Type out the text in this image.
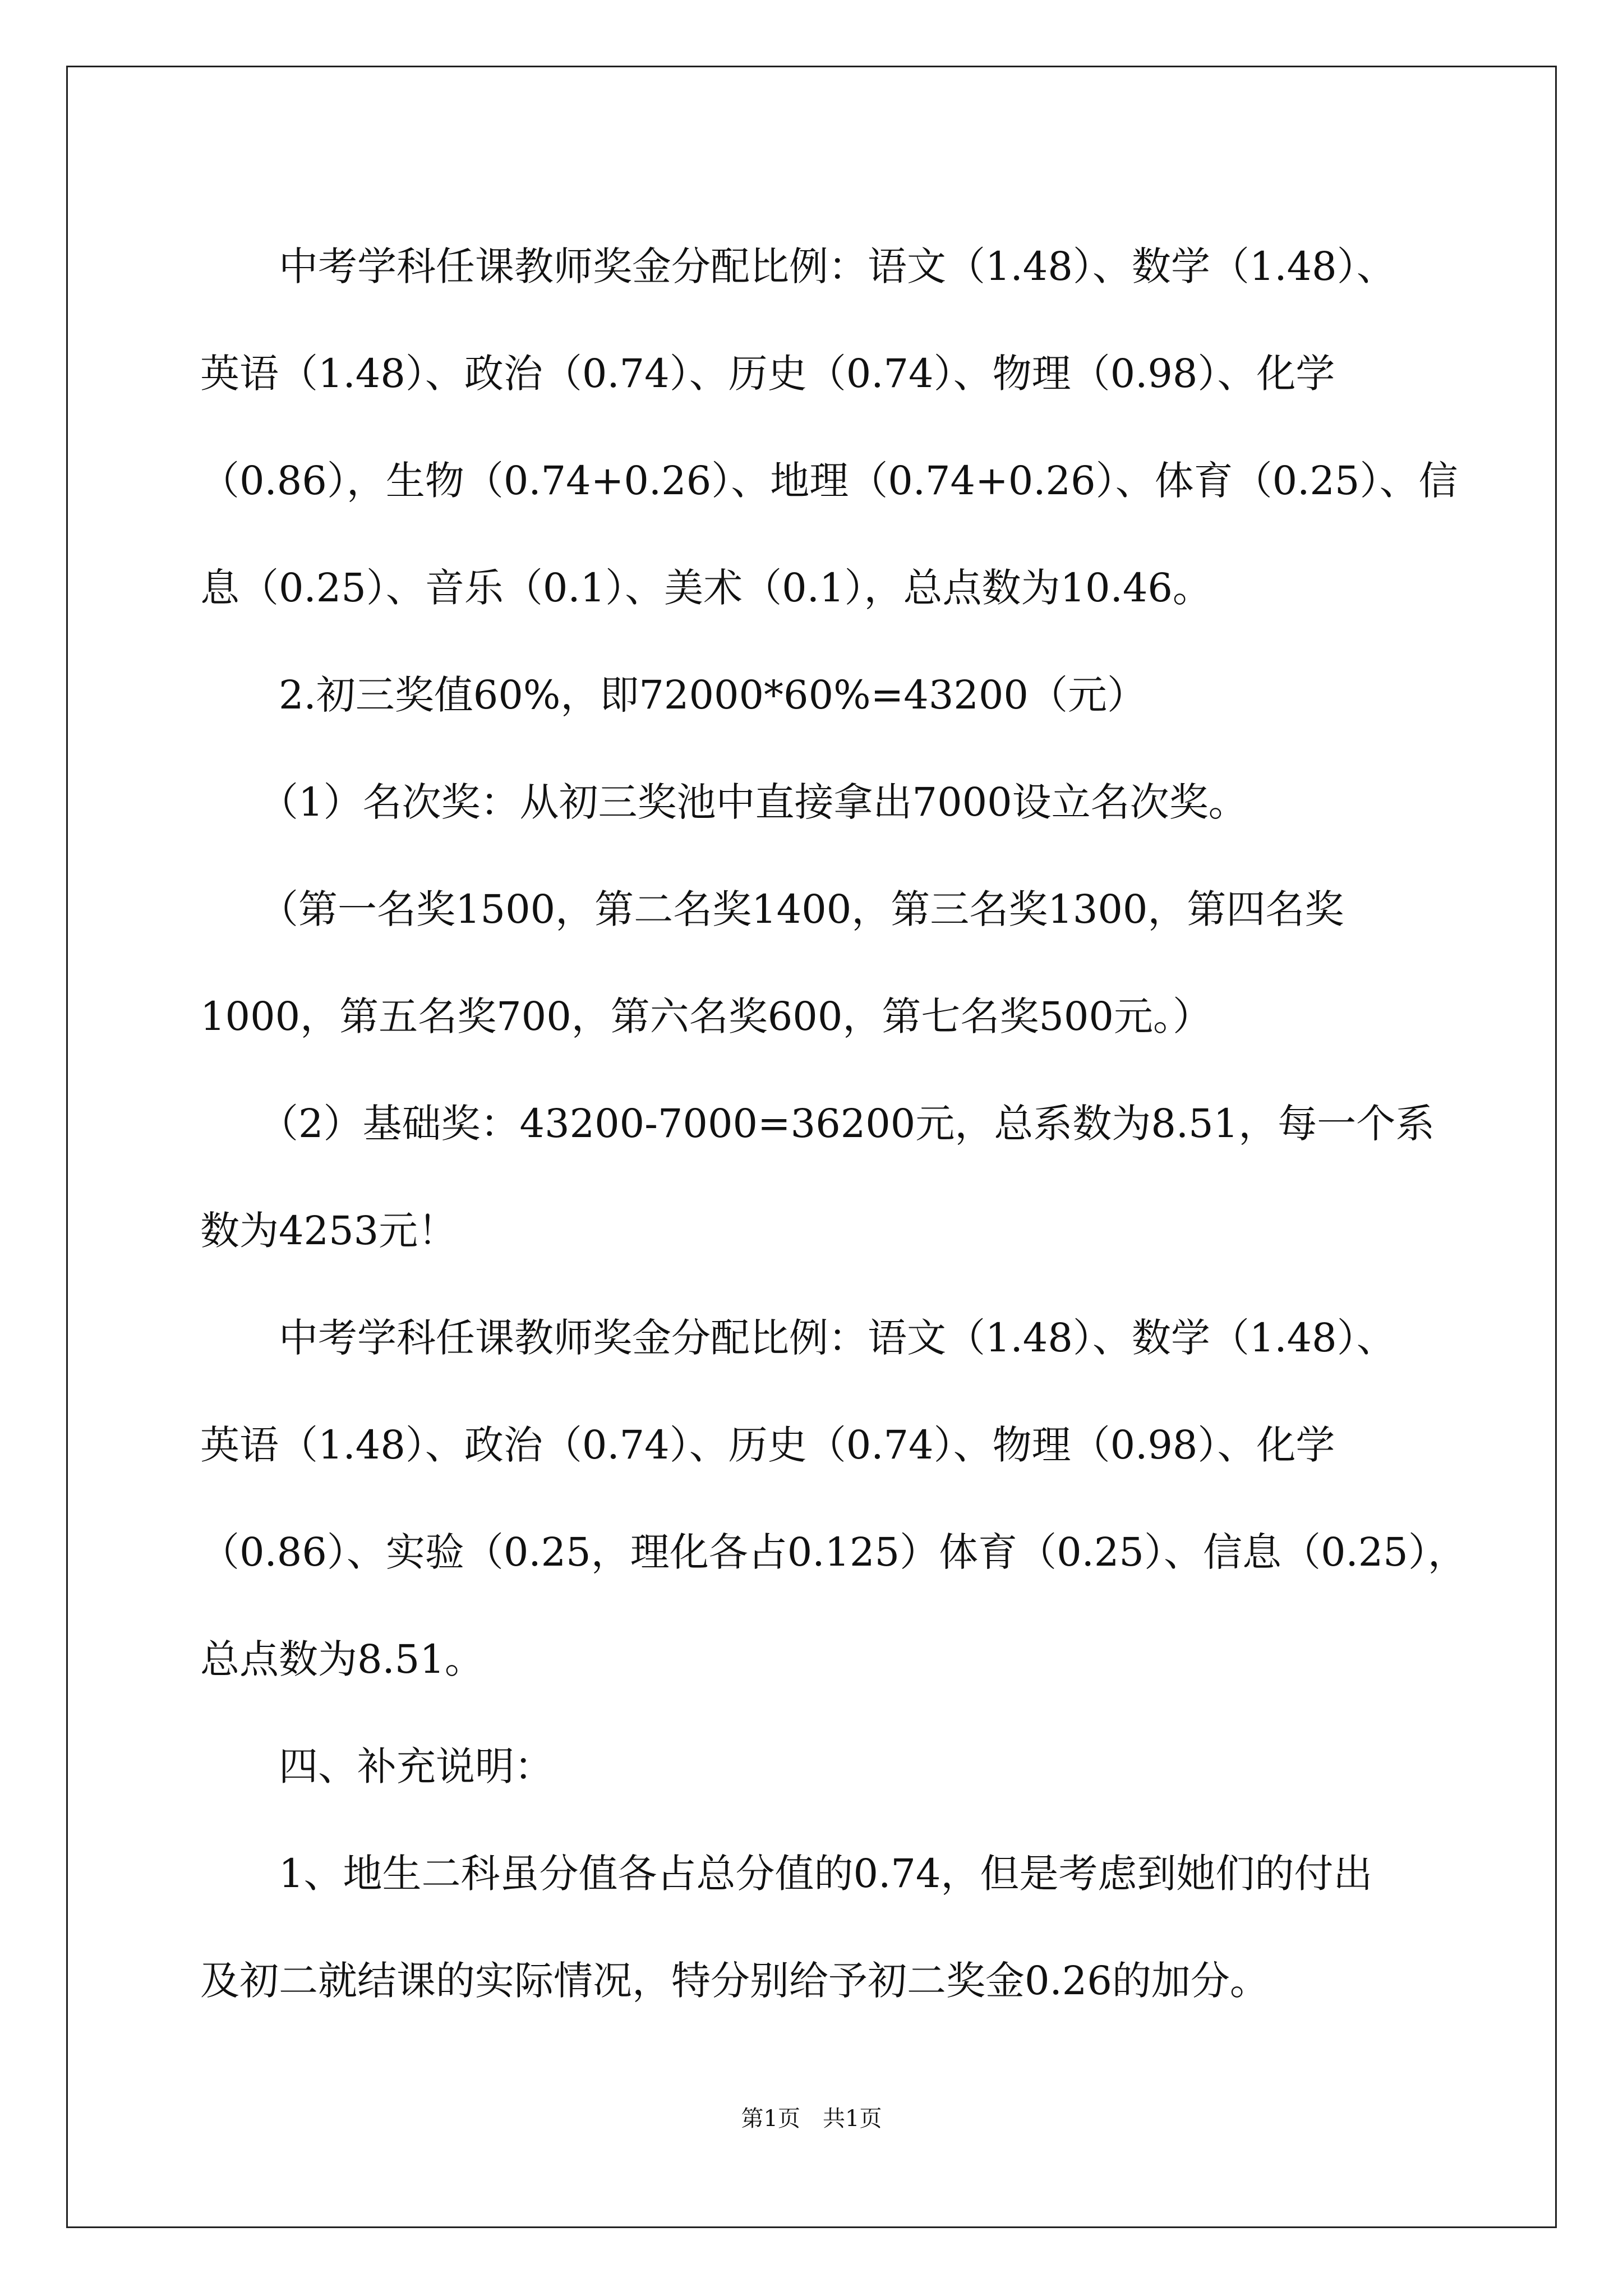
　　中考学科任课教师奖金分配比例：语文（1.48）、数学（1.48）、
英语（1.48）、政治（0.74）、历史（0.74）、物理（0.98）、化学
（0.86），生物（0.74+0.26）、地理（0.74+0.26）、体育（0.25）、信
息（0.25）、音乐（0.1）、美术（0.1），总点数为10.46。
　　2.初三奖值60%，即72000*60%=43200（元）
　　（1）名次奖：从初三奖池中直接拿出7000设立名次奖。
　　（第一名奖1500，第二名奖1400，第三名奖1300，第四名奖
1000，第五名奖700，第六名奖600，第七名奖500元。）
　　（2）基础奖：43200-7000=36200元，总系数为8.51，每一个系
数为4253元！
　　中考学科任课教师奖金分配比例：语文（1.48）、数学（1.48）、
英语（1.48）、政治（0.74）、历史（0.74）、物理（0.98）、化学
（0.86）、实验（0.25，理化各占0.125）体育（0.25）、信息（0.25），
总点数为8.51。
　　四、补充说明：
　　1、地生二科虽分值各占总分值的0.74，但是考虑到她们的付出
及初二就结课的实际情况，特分别给予初二奖金0.26的加分。

第1页　共1页
